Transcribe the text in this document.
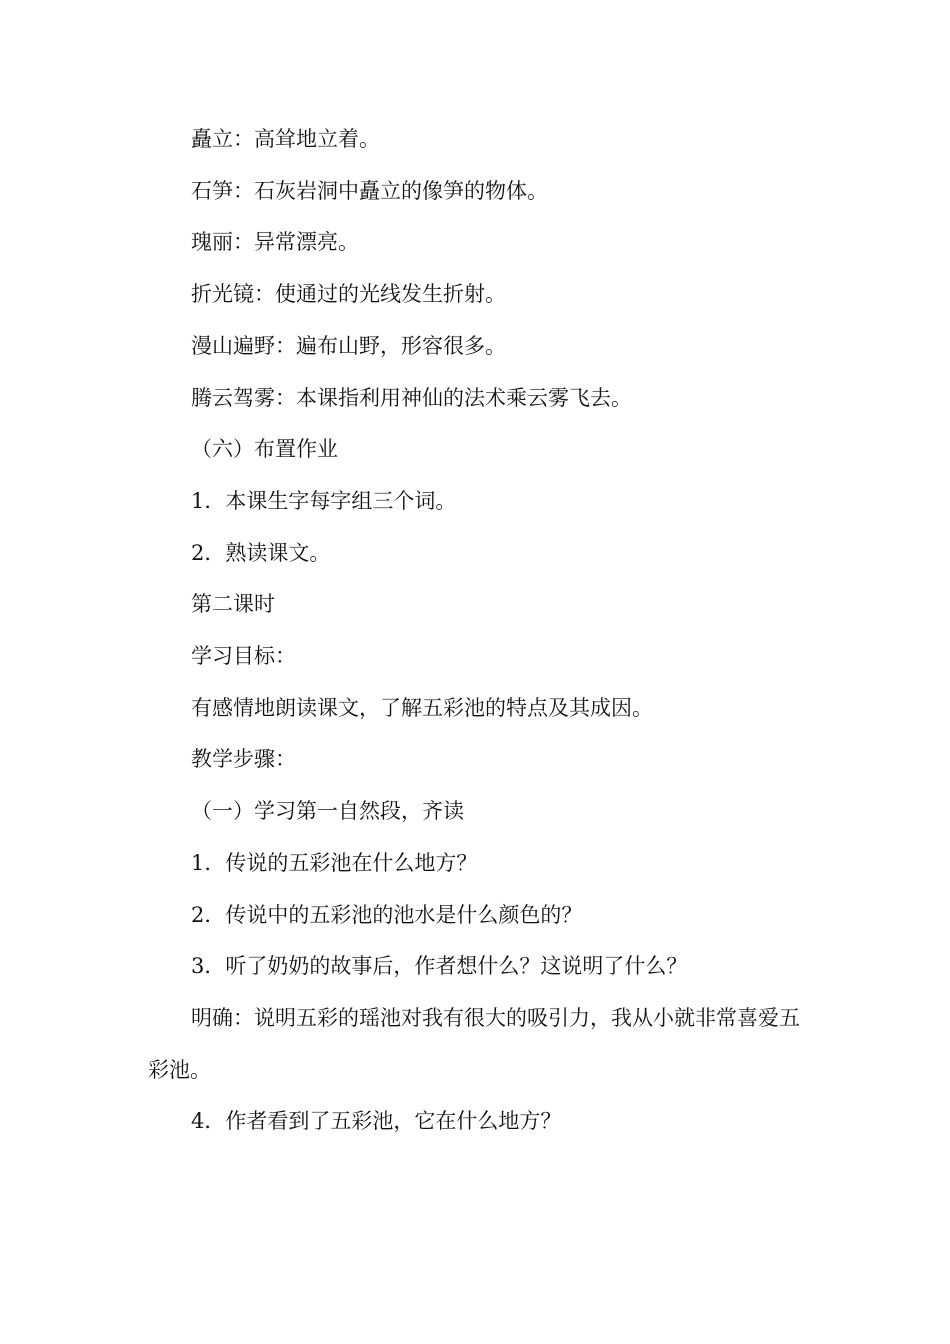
矗立：高耸地立着。

石笋：石灰岩洞中矗立的像笋的物体。

瑰丽：异常漂亮。

折光镜：使通过的光线发生折射。

漫山遍野：遍布山野，形容很多。

腾云驾雾：本课指利用神仙的法术乘云雾飞去。

（六）布置作业

1．本课生字每字组三个词。

2．熟读课文。

第二课时

学习目标：

有感情地朗读课文，了解五彩池的特点及其成因。

教学步骤：

（一）学习第一自然段，齐读

1．传说的五彩池在什么地方？

2．传说中的五彩池的池水是什么颜色的？

3．听了奶奶的故事后，作者想什么？这说明了什么？

明确：说明五彩的瑶池对我有很大的吸引力，我从小就非常喜爱五彩池。

4．作者看到了五彩池，它在什么地方？
